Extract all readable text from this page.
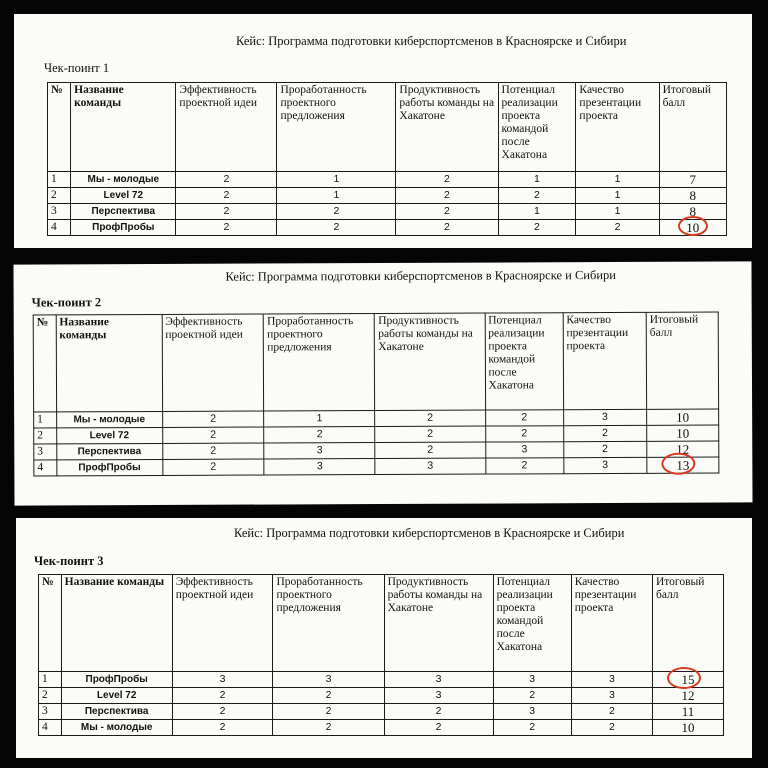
Кейс: Программа подготовки киберспортсменов в Красноярске и Сибири
Чек-поинт 1
№	Название команды	Эффективность проектной идеи	Проработанность проектного предложения	Продуктивность работы команды на Хакатоне	Потенциал реализации проекта командой после Хакатона	Качество презентации проекта	Итоговый балл
1	Мы - молодые	2	1	2	1	1	7
2	Level 72	2	1	2	2	1	8
3	Перспектива	2	2	2	1	1	8
4	ПрофПробы	2	2	2	2	2	10
Кейс: Программа подготовки киберспортсменов в Красноярске и Сибири
Чек-поинт 2
№	Название команды	Эффективность проектной идеи	Проработанность проектного предложения	Продуктивность работы команды на Хакатоне	Потенциал реализации проекта командой после Хакатона	Качество презентации проекта	Итоговый балл
1	Мы - молодые	2	1	2	2	3	10
2	Level 72	2	2	2	2	2	10
3	Перспектива	2	3	2	3	2	12
4	ПрофПробы	2	3	3	2	3	13
Кейс: Программа подготовки киберспортсменов в Красноярске и Сибири
Чек-поинт 3
№	Название команды	Эффективность проектной идеи	Проработанность проектного предложения	Продуктивность работы команды на Хакатоне	Потенциал реализации проекта командой после Хакатона	Качество презентации проекта	Итоговый балл
1	ПрофПробы	3	3	3	3	3	15

2	Level 72	2	2	3	2	3	12
3	Перспектива	2	2	2	3	2	11
4	Мы - молодые	2	2	2	2	2	10
